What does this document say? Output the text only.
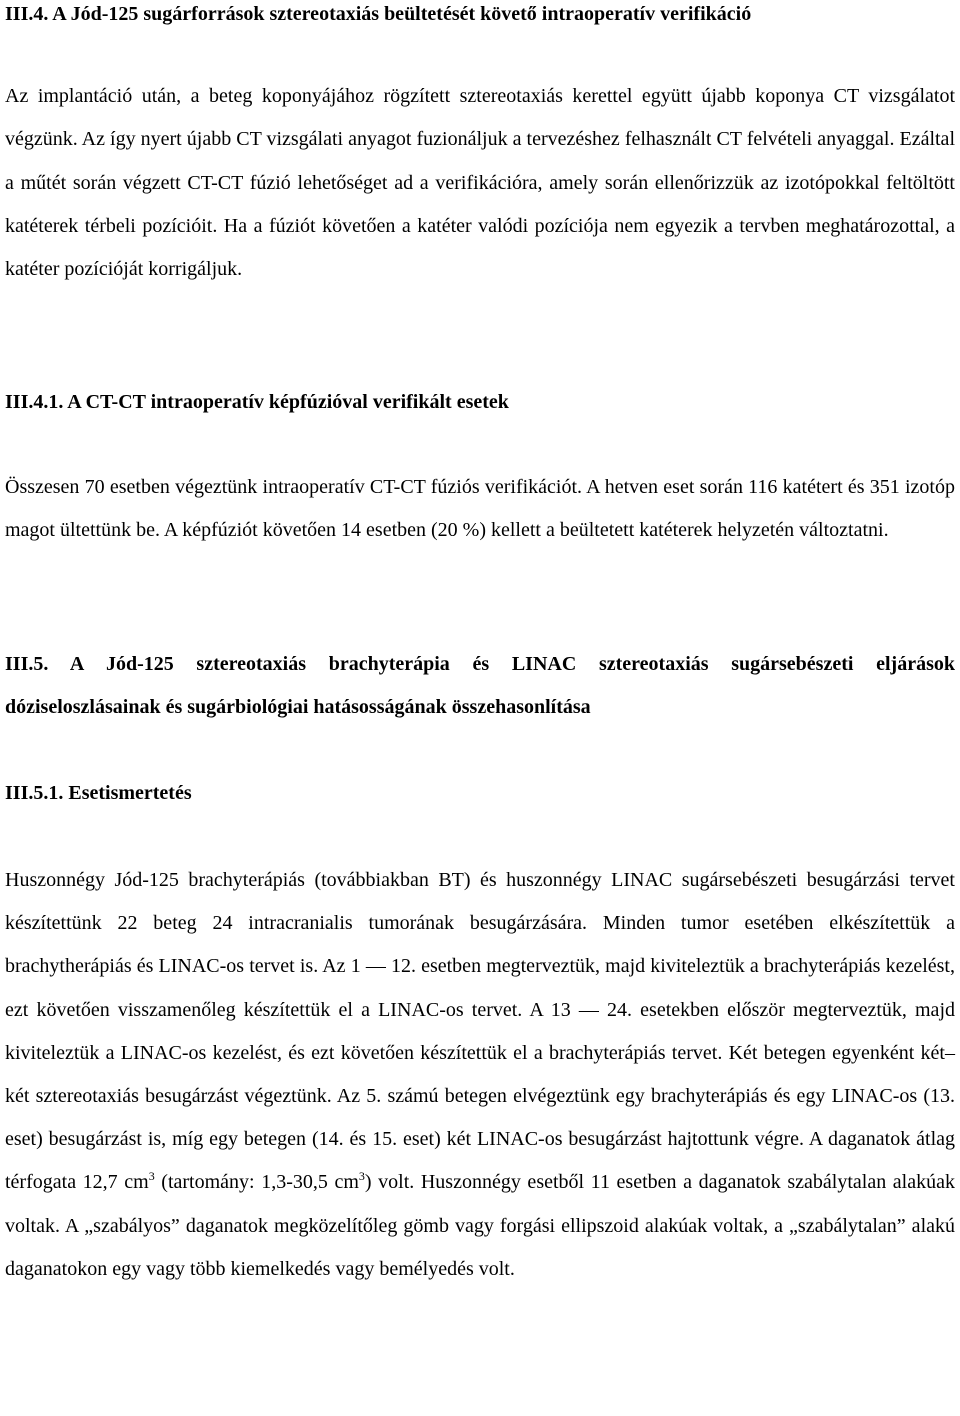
III.4. A Jód-125 sugárforrások sztereotaxiás beültetését követő intraoperatív verifikáció

Az implantáció után, a beteg koponyájához rögzített sztereotaxiás kerettel együtt újabb koponya CT vizsgálatot végzünk. Az így nyert újabb CT vizsgálati anyagot fuzionáljuk a tervezéshez felhasznált CT felvételi anyaggal. Ezáltal a műtét során végzett CT-CT fúzió lehetőséget ad a verifikációra, amely során ellenőrizzük az izotópokkal feltöltött katéterek térbeli pozícióit. Ha a fúziót követően a katéter valódi pozíciója nem egyezik a tervben meghatározottal, a katéter pozícióját korrigáljuk.

III.4.1. A CT-CT intraoperatív képfúzióval verifikált esetek

Összesen 70 esetben végeztünk intraoperatív CT-CT fúziós verifikációt. A hetven eset során 116 katétert és 351 izotóp magot ültettünk be. A képfúziót követően 14 esetben (20 %) kellett a beültetett katéterek helyzetén változtatni.

III.5. A Jód-125 sztereotaxiás brachyterápia és LINAC sztereotaxiás sugársebészeti eljárások dóziseloszlásainak és sugárbiológiai hatásosságának összehasonlítása
III.5.1. Esetismertetés

Huszonnégy Jód-125 brachyterápiás (továbbiakban BT) és huszonnégy LINAC sugársebészeti besugárzási tervet készítettünk 22 beteg 24 intracranialis tumorának besugárzására. Minden tumor esetében elkészítettük a brachytherápiás és LINAC-os tervet is. Az 1 — 12. esetben megterveztük, majd kiviteleztük a brachyterápiás kezelést, ezt követően visszamenőleg készítettük el a LINAC-os tervet. A 13 — 24. esetekben először megterveztük, majd kiviteleztük a LINAC-os kezelést, és ezt követően készítettük el a brachyterápiás tervet. Két betegen egyenként két–két sztereotaxiás besugárzást végeztünk. Az 5. számú betegen elvégeztünk egy brachyterápiás és egy LINAC-os (13. eset) besugárzást is, míg egy betegen (14. és 15. eset) két LINAC-os besugárzást hajtottunk végre. A daganatok átlag térfogata 12,7 $cm^3$ (tartomány: 1,3-30,5 $cm^3$) volt. Huszonnégy esetből 11 esetben a daganatok szabálytalan alakúak voltak. A „szabályos” daganatok megközelítőleg gömb vagy forgási ellipszoid alakúak voltak, a „szabálytalan” alakú daganatokon egy vagy több kiemelkedés vagy bemélyedés volt.
